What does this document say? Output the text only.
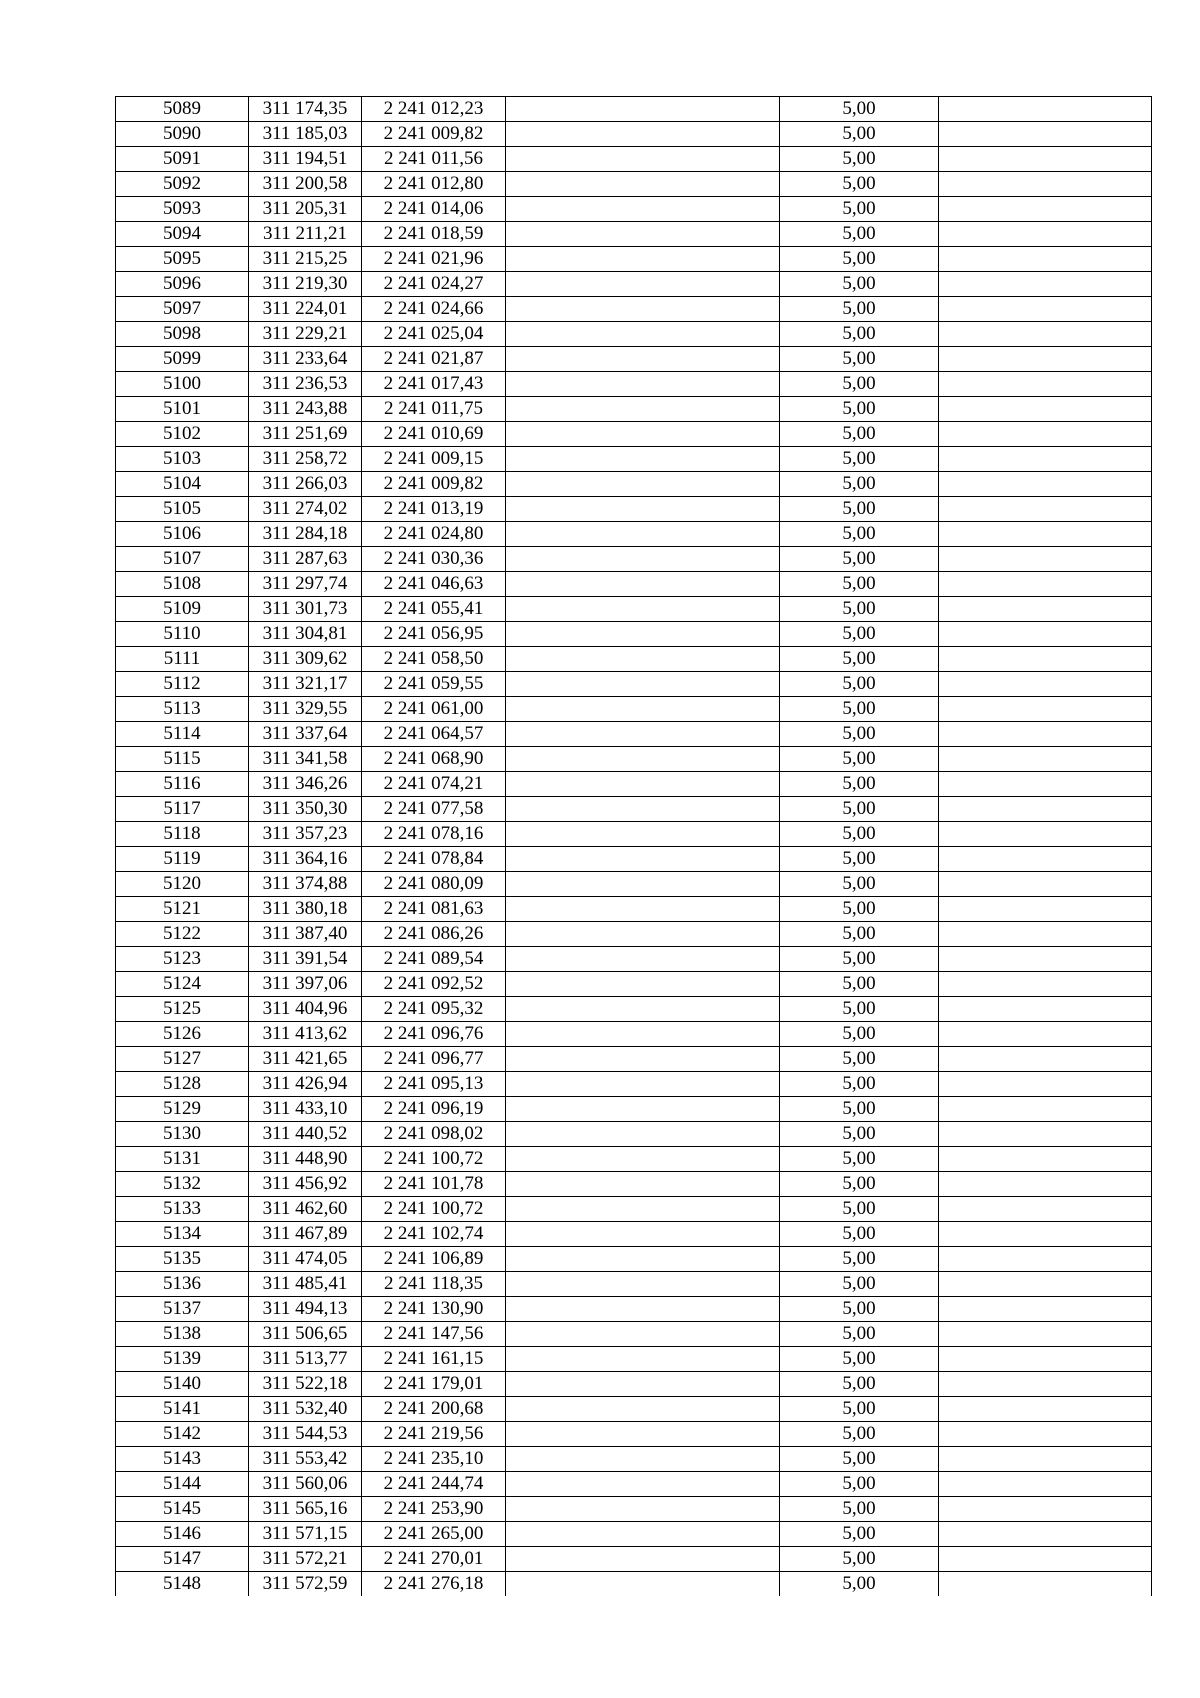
5089	311 174,35	2 241 012,23		5,00	
5090	311 185,03	2 241 009,82		5,00	
5091	311 194,51	2 241 011,56		5,00	
5092	311 200,58	2 241 012,80		5,00	
5093	311 205,31	2 241 014,06		5,00	
5094	311 211,21	2 241 018,59		5,00	
5095	311 215,25	2 241 021,96		5,00	
5096	311 219,30	2 241 024,27		5,00	
5097	311 224,01	2 241 024,66		5,00	
5098	311 229,21	2 241 025,04		5,00	
5099	311 233,64	2 241 021,87		5,00	
5100	311 236,53	2 241 017,43		5,00	
5101	311 243,88	2 241 011,75		5,00	
5102	311 251,69	2 241 010,69		5,00	
5103	311 258,72	2 241 009,15		5,00	
5104	311 266,03	2 241 009,82		5,00	
5105	311 274,02	2 241 013,19		5,00	
5106	311 284,18	2 241 024,80		5,00	
5107	311 287,63	2 241 030,36		5,00	
5108	311 297,74	2 241 046,63		5,00	
5109	311 301,73	2 241 055,41		5,00	
5110	311 304,81	2 241 056,95		5,00	
5111	311 309,62	2 241 058,50		5,00	
5112	311 321,17	2 241 059,55		5,00	
5113	311 329,55	2 241 061,00		5,00	
5114	311 337,64	2 241 064,57		5,00	
5115	311 341,58	2 241 068,90		5,00	
5116	311 346,26	2 241 074,21		5,00	
5117	311 350,30	2 241 077,58		5,00	
5118	311 357,23	2 241 078,16		5,00	
5119	311 364,16	2 241 078,84		5,00	
5120	311 374,88	2 241 080,09		5,00	
5121	311 380,18	2 241 081,63		5,00	
5122	311 387,40	2 241 086,26		5,00	
5123	311 391,54	2 241 089,54		5,00	
5124	311 397,06	2 241 092,52		5,00	
5125	311 404,96	2 241 095,32		5,00	
5126	311 413,62	2 241 096,76		5,00	
5127	311 421,65	2 241 096,77		5,00	
5128	311 426,94	2 241 095,13		5,00	
5129	311 433,10	2 241 096,19		5,00	
5130	311 440,52	2 241 098,02		5,00	
5131	311 448,90	2 241 100,72		5,00	
5132	311 456,92	2 241 101,78		5,00	
5133	311 462,60	2 241 100,72		5,00	
5134	311 467,89	2 241 102,74		5,00	
5135	311 474,05	2 241 106,89		5,00	
5136	311 485,41	2 241 118,35		5,00	
5137	311 494,13	2 241 130,90		5,00	
5138	311 506,65	2 241 147,56		5,00	
5139	311 513,77	2 241 161,15		5,00	
5140	311 522,18	2 241 179,01		5,00	
5141	311 532,40	2 241 200,68		5,00	
5142	311 544,53	2 241 219,56		5,00	
5143	311 553,42	2 241 235,10		5,00	
5144	311 560,06	2 241 244,74		5,00	
5145	311 565,16	2 241 253,90		5,00	
5146	311 571,15	2 241 265,00		5,00	
5147	311 572,21	2 241 270,01		5,00	
5148	311 572,59	2 241 276,18		5,00	
